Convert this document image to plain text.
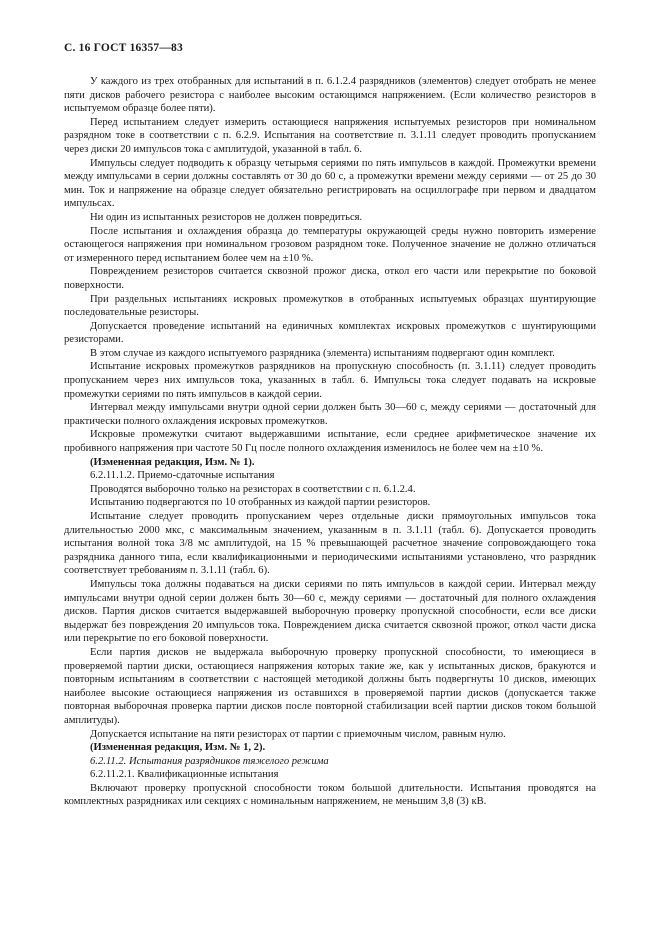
С. 16 ГОСТ 16357—83

У каждого из трех отобранных для испытаний в п. 6.1.2.4 разрядников (элементов) следует отобрать не менее пяти дисков рабочего резистора с наиболее высоким остающимся напряжением. (Если количество резисторов в испытуемом образце более пяти).

Перед испытанием следует измерить остающиеся напряжения испытуемых резисторов при номинальном разрядном токе в соответствии с п. 6.2.9. Испытания на соответствие п. 3.1.11 следует проводить пропусканием через диски 20 импульсов тока с амплитудой, указанной в табл. 6.

Импульсы следует подводить к образцу четырьмя сериями по пять импульсов в каждой. Промежутки времени между импульсами в серии должны составлять от 30 до 60 с, а промежутки времени между сериями — от 25 до 30 мин. Ток и напряжение на образце следует обязательно регистрировать на осциллографе при первом и двадцатом импульсах.

Ни один из испытанных резисторов не должен повредиться.

После испытания и охлаждения образца до температуры окружающей среды нужно повторить измерение остающегося напряжения при номинальном грозовом разрядном токе. Полученное значение не должно отличаться от измеренного перед испытанием более чем на ±10 %.

Повреждением резисторов считается сквозной прожог диска, откол его части или перекрытие по боковой поверхности.

При раздельных испытаниях искровых промежутков в отобранных испытуемых образцах шунтирующие последовательные резисторы.

Допускается проведение испытаний на единичных комплектах искровых промежутков с шунтирующими резисторами.

В этом случае из каждого испытуемого разрядника (элемента) испытаниям подвергают один комплект.

Испытание искровых промежутков разрядников на пропускную способность (п. 3.1.11) следует проводить пропусканием через них импульсов тока, указанных в табл. 6. Импульсы тока следует подавать на искровые промежутки сериями по пять импульсов в каждой серии.

Интервал между импульсами внутри одной серии должен быть 30—60 с, между сериями — достаточный для практически полного охлаждения искровых промежутков.

Искровые промежутки считают выдержавшими испытание, если среднее арифметическое значение их пробивного напряжения при частоте 50 Гц после полного охлаждения изменилось не более чем на ±10 %.

(Измененная редакция, Изм. № 1).

6.2.11.1.2. Приемо-сдаточные испытания

Проводятся выборочно только на резисторах в соответствии с п. 6.1.2.4.

Испытанию подвергаются по 10 отобранных из каждой партии резисторов.

Испытание следует проводить пропусканием через отдельные диски прямоугольных импульсов тока длительностью 2000 мкс, с максимальным значением, указанным в п. 3.1.11 (табл. 6). Допускается проводить испытания волной тока 3/8 мс амплитудой, на 15 % превышающей расчетное значение сопровождающего тока разрядника данного типа, если квалификационными и периодическими испытаниями установлено, что разрядник соответствует требованиям п. 3.1.11 (табл. 6).

Импульсы тока должны подаваться на диски сериями по пять импульсов в каждой серии. Интервал между импульсами внутри одной серии должен быть 30—60 с, между сериями — достаточный для полного охлаждения дисков. Партия дисков считается выдержавшей выборочную проверку пропускной способности, если все диски выдержат без повреждения 20 импульсов тока. Повреждением диска считается сквозной прожог, откол части диска или перекрытие по его боковой поверхности.

Если партия дисков не выдержала выборочную проверку пропускной способности, то имеющиеся в проверяемой партии диски, остающиеся напряжения которых такие же, как у испытанных дисков, бракуются и повторным испытаниям в соответствии с настоящей методикой должны быть подвергнуты 10 дисков, имеющих наиболее высокие остающиеся напряжения из оставшихся в проверяемой партии дисков (допускается также повторная выборочная проверка партии дисков после повторной стабилизации всей партии дисков током большой амплитуды).

Допускается испытание на пяти резисторах от партии с приемочным числом, равным нулю.

(Измененная редакция, Изм. № 1, 2).

6.2.11.2. Испытания разрядников тяжелого режима

6.2.11.2.1. Квалификационные испытания

Включают проверку пропускной способности током большой длительности. Испытания проводятся на комплектных разрядниках или секциях с номинальным напряжением, не меньшим 3,8 (3) кВ.
